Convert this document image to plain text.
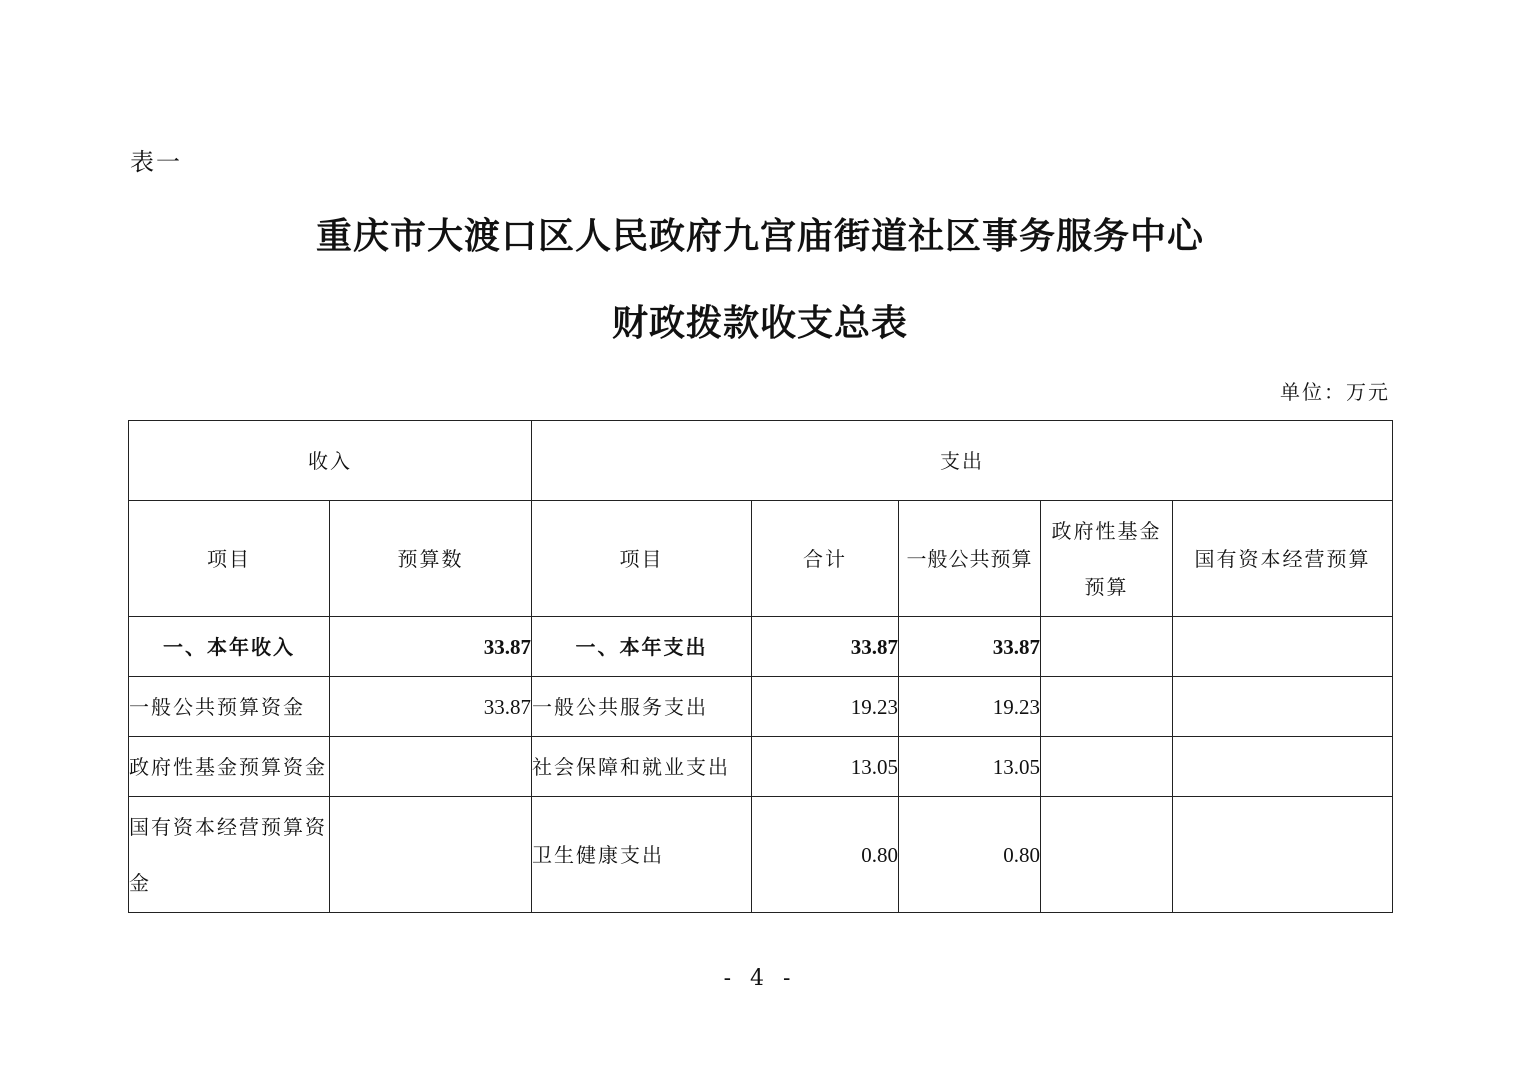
表一
重庆市大渡口区人民政府九宫庙街道社区事务服务中心
财政拨款收支总表
单位：万元
收入		支出				
项目	预算数	项目	合计	一般公共预算	政府性基金预算	国有资本经营预算
一、本年收入	33.87	一、本年支出	33.87	33.87		
一般公共预算资金	33.87	一般公共服务支出	19.23	19.23		
政府性基金预算资金		社会保障和就业支出	13.05	13.05		
国有资本经营预算资金		卫生健康支出	0.80	0.80		
- 4 -
